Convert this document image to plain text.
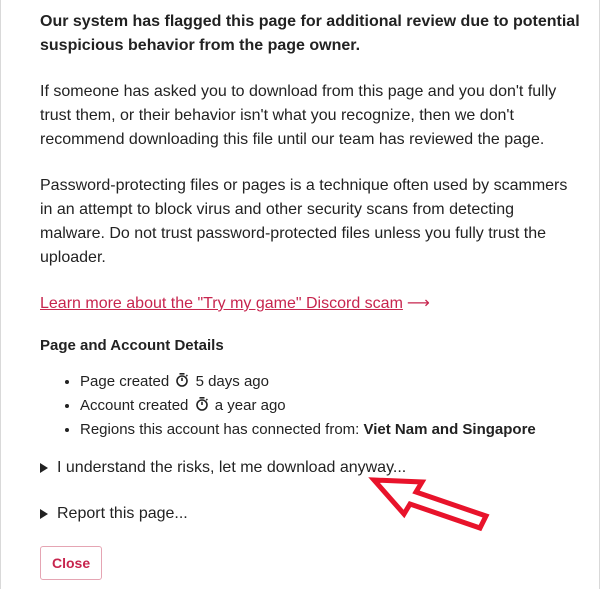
Our system has flagged this page for additional review due to potential suspicious behavior from the page owner.

If someone has asked you to download from this page and you don't fully trust them, or their behavior isn't what you recognize, then we don't recommend downloading this file until our team has reviewed the page.

Password-protecting files or pages is a technique often used by scammers in an attempt to block virus and other security scans from detecting malware. Do not trust password-protected files unless you fully trust the uploader.

Learn more about the "Try my game" Discord scam ⟶

Page and Account Details

• Page created 5 days ago
• Account created a year ago
• Regions this account has connected from: Viet Nam and Singapore
I understand the risks, let me download anyway...
Report this page...
Close
